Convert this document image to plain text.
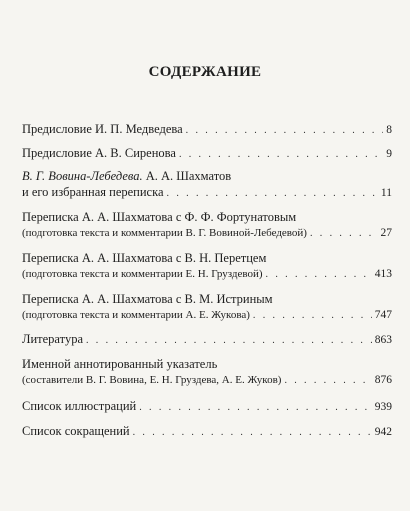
СОДЕРЖАНИЕ
Предисловие И. П. Медведева . . .	8
Предисловие А. В. Сиренова . . .	9
В. Г. Вовина-Лебедева. А. А. Шахматов
и его избранная переписка . . .	11
Переписка А. А. Шахматова с Ф. Ф. Фортунатовым
(подготовка текста и комментарии В. Г. Вовиной-Лебедевой) . . .	27
Переписка А. А. Шахматова с В. Н. Перетцем
(подготовка текста и комментарии Е. Н. Груздевой) . . .	413
Переписка А. А. Шахматова с В. М. Истриным
(подготовка текста и комментарии А. Е. Жукова) . . .	747
Литература . . .	863
Именной аннотированный указатель
(составители В. Г. Вовина, Е. Н. Груздева, А. Е. Жуков) . . .	876
Список иллюстраций . . .	939
Список сокращений . . .	942
